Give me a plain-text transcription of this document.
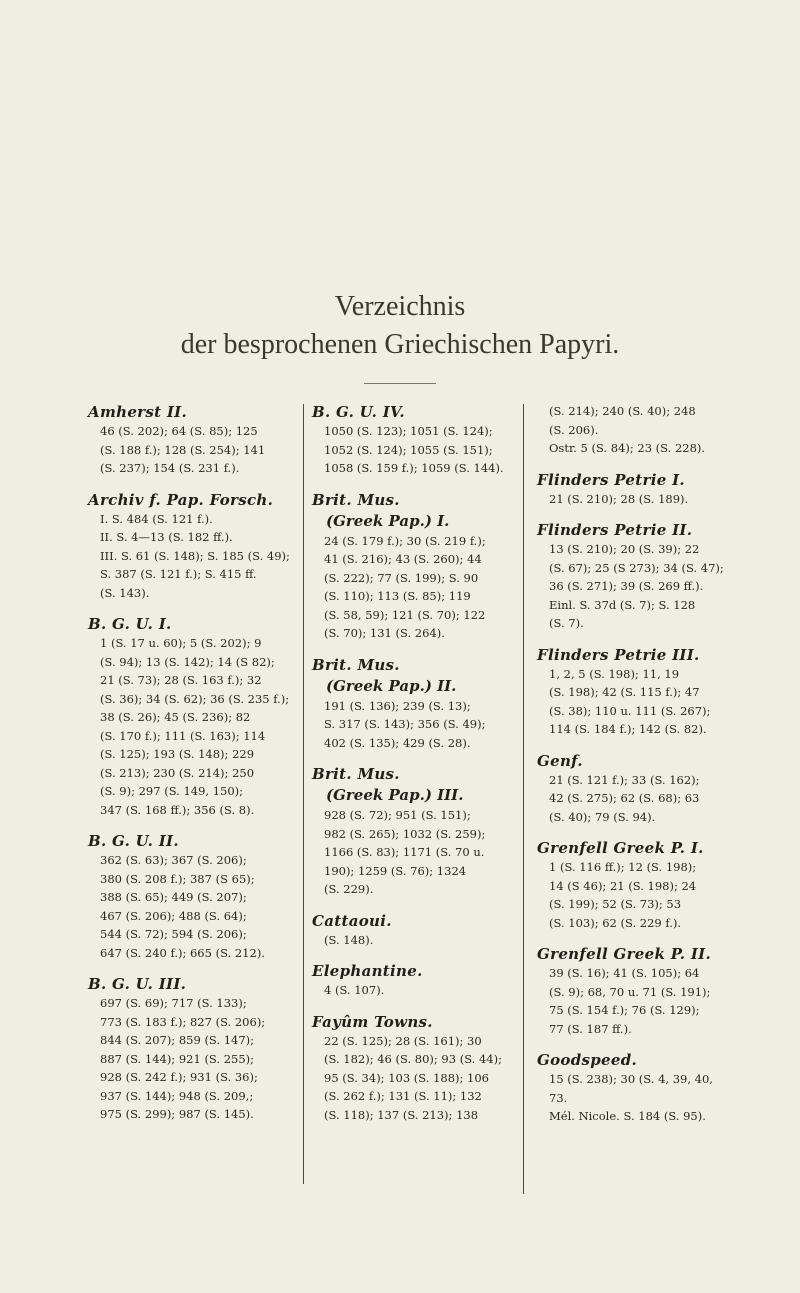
Verzeichnis
der besprochenen Griechischen Papyri.
Amherst II.
46 (S. 202); 64 (S. 85); 125
(S. 188 f.); 128 (S. 254); 141
(S. 237); 154 (S. 231 f.).
Archiv f. Pap. Forsch.
I. S. 484 (S. 121 f.).
II. S. 4—13 (S. 182 ff.).
III. S. 61 (S. 148); S. 185 (S. 49);
S. 387 (S. 121 f.); S. 415 ff.
(S. 143).
B. G. U. I.
1 (S. 17 u. 60); 5 (S. 202); 9
(S. 94); 13 (S. 142); 14 (S 82);
21 (S. 73); 28 (S. 163 f.); 32
(S. 36); 34 (S. 62); 36 (S. 235 f.);
38 (S. 26); 45 (S. 236); 82
(S. 170 f.); 111 (S. 163); 114
(S. 125); 193 (S. 148); 229
(S. 213); 230 (S. 214); 250
(S. 9); 297 (S. 149, 150);
347 (S. 168 ff.); 356 (S. 8).
B. G. U. II.
362 (S. 63); 367 (S. 206);
380 (S. 208 f.); 387 (S 65);
388 (S. 65); 449 (S. 207);
467 (S. 206); 488 (S. 64);
544 (S. 72); 594 (S. 206);
647 (S. 240 f.); 665 (S. 212).
B. G. U. III.
697 (S. 69); 717 (S. 133);
773 (S. 183 f.); 827 (S. 206);
844 (S. 207); 859 (S. 147);
887 (S. 144); 921 (S. 255);
928 (S. 242 f.); 931 (S. 36);
937 (S. 144); 948 (S. 209,;
975 (S. 299); 987 (S. 145).
B. G. U. IV.
1050 (S. 123); 1051 (S. 124);
1052 (S. 124); 1055 (S. 151);
1058 (S. 159 f.); 1059 (S. 144).
Brit. Mus.
(Greek Pap.) I.
24 (S. 179 f.); 30 (S. 219 f.);
41 (S. 216); 43 (S. 260); 44
(S. 222); 77 (S. 199); S. 90
(S. 110); 113 (S. 85); 119
(S. 58, 59); 121 (S. 70); 122
(S. 70); 131 (S. 264).
Brit. Mus.
(Greek Pap.) II.
191 (S. 136); 239 (S. 13);
S. 317 (S. 143); 356 (S. 49);
402 (S. 135); 429 (S. 28).
Brit. Mus.
(Greek Pap.) III.
928 (S. 72); 951 (S. 151);
982 (S. 265); 1032 (S. 259);
1166 (S. 83); 1171 (S. 70 u.
190); 1259 (S. 76); 1324
(S. 229).
Cattaoui.
(S. 148).
Elephantine.
4 (S. 107).
Fayûm Towns.
22 (S. 125); 28 (S. 161); 30
(S. 182); 46 (S. 80); 93 (S. 44);
95 (S. 34); 103 (S. 188); 106
(S. 262 f.); 131 (S. 11); 132
(S. 118); 137 (S. 213); 138
(S. 214); 240 (S. 40); 248
(S. 206).
Ostr. 5 (S. 84); 23 (S. 228).
Flinders Petrie I.
21 (S. 210); 28 (S. 189).
Flinders Petrie II.
13 (S. 210); 20 (S. 39); 22
(S. 67); 25 (S 273); 34 (S. 47);
36 (S. 271); 39 (S. 269 ff.).
Einl. S. 37d (S. 7); S. 128
(S. 7).
Flinders Petrie III.
1, 2, 5 (S. 198); 11, 19
(S. 198); 42 (S. 115 f.); 47
(S. 38); 110 u. 111 (S. 267);
114 (S. 184 f.); 142 (S. 82).
Genf.
21 (S. 121 f.); 33 (S. 162);
42 (S. 275); 62 (S. 68); 63
(S. 40); 79 (S. 94).
Grenfell Greek P. I.
1 (S. 116 ff.); 12 (S. 198);
14 (S 46); 21 (S. 198); 24
(S. 199); 52 (S. 73); 53
(S. 103); 62 (S. 229 f.).
Grenfell Greek P. II.
39 (S. 16); 41 (S. 105); 64
(S. 9); 68, 70 u. 71 (S. 191);
75 (S. 154 f.); 76 (S. 129);
77 (S. 187 ff.).
Goodspeed.
15 (S. 238); 30 (S. 4, 39, 40,
73.
Mél. Nicole. S. 184 (S. 95).
